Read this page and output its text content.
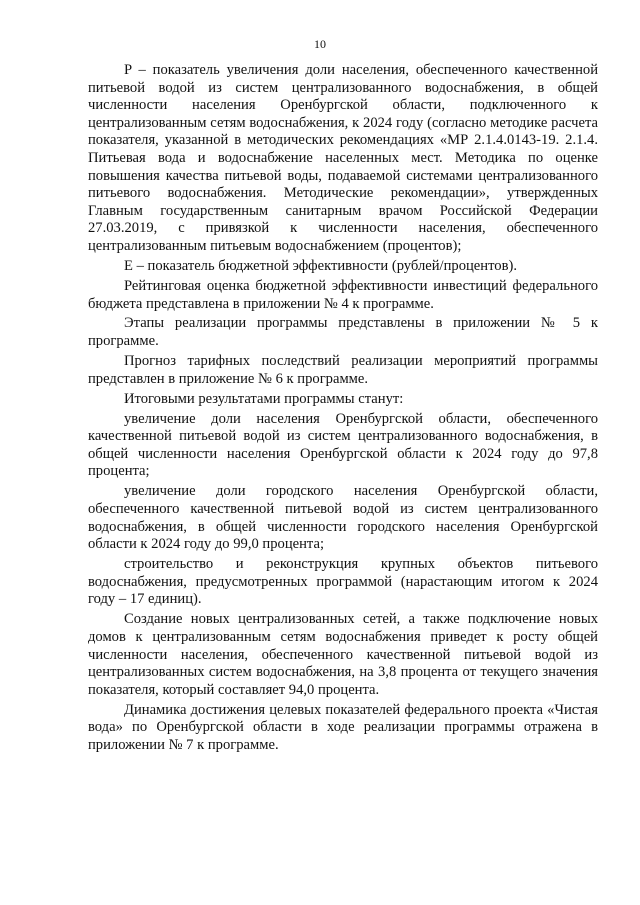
10

P – показатель увеличения доли населения, обеспеченного качественной питьевой водой из систем централизованного водоснабжения, в общей численности населения Оренбургской области, подключенного к централизованным сетям водоснабжения, к 2024 году (согласно методике расчета показателя, указанной в методических рекомендациях «МР 2.1.4.0143-19. 2.1.4. Питьевая вода и водоснабжение населенных мест. Методика по оценке повышения качества питьевой воды, подаваемой системами централизованного питьевого водоснабжения. Методические рекомендации», утвержденных Главным государственным санитарным врачом Российской Федерации 27.03.2019, с привязкой к численности населения, обеспеченного централизованным питьевым водоснабжением (процентов);

E – показатель бюджетной эффективности (рублей/процентов).

Рейтинговая оценка бюджетной эффективности инвестиций федерального бюджета представлена в приложении № 4 к программе.

Этапы реализации программы представлены в приложении № 5 к программе.

Прогноз тарифных последствий реализации мероприятий программы представлен в приложение № 6 к программе.

Итоговыми результатами программы станут:

увеличение доли населения Оренбургской области, обеспеченного качественной питьевой водой из систем централизованного водоснабжения, в общей численности населения Оренбургской области к 2024 году до 97,8 процента;

увеличение доли городского населения Оренбургской области, обеспеченного качественной питьевой водой из систем централизованного водоснабжения, в общей численности городского населения Оренбургской области к 2024 году до 99,0 процента;

строительство и реконструкция крупных объектов питьевого водоснабжения, предусмотренных программой (нарастающим итогом к 2024 году – 17 единиц).

Создание новых централизованных сетей, а также подключение новых домов к централизованным сетям водоснабжения приведет к росту общей численности населения, обеспеченного качественной питьевой водой из централизованных систем водоснабжения, на 3,8 процента от текущего значения показателя, который составляет 94,0 процента.

Динамика достижения целевых показателей федерального проекта «Чистая вода» по Оренбургской области в ходе реализации программы отражена в приложении № 7 к программе.
